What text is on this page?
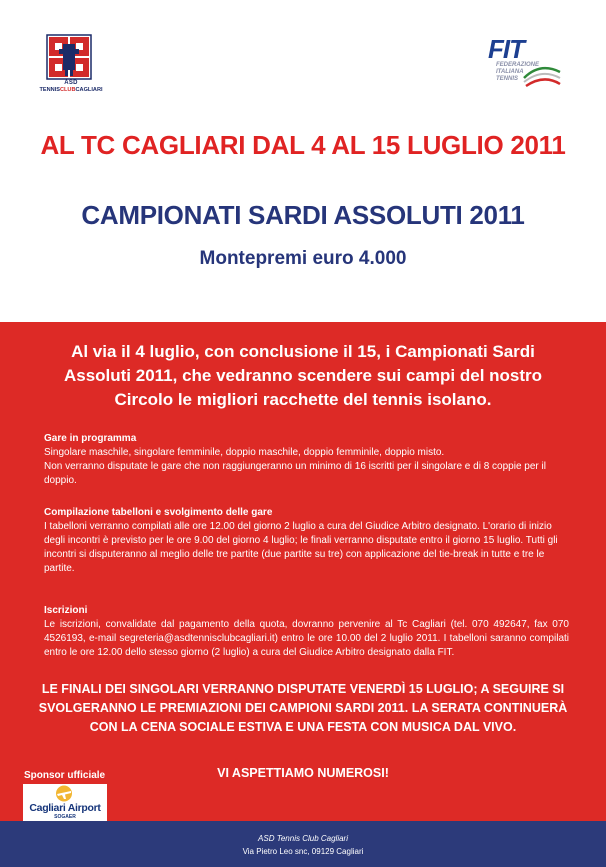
ASD
TENNISCLUBCAGLIARI
FIT
FEDERAZIONE
ITALIANA
TENNIS
AL TC CAGLIARI DAL 4 AL 15 LUGLIO 2011
CAMPIONATI SARDI ASSOLUTI 2011
Montepremi euro 4.000
Al via il 4 luglio, con conclusione il 15, i Campionati Sardi Assoluti 2011, che vedranno scendere sui campi del nostro Circolo le migliori racchette del tennis isolano.
Gare in programma

Singolare maschile, singolare femminile, doppio maschile, doppio femminile, doppio misto.

Non verranno disputate le gare che non raggiungeranno un minimo di 16 iscritti per il singolare e di 8 coppie per il doppio.

Compilazione tabelloni e svolgimento delle gare

I tabelloni verranno compilati alle ore 12.00 del giorno 2 luglio a cura del Giudice Arbitro designato. L'orario di inizio degli incontri è previsto per le ore 9.00 del giorno 4 luglio; le finali verranno disputate entro il giorno 15 luglio. Tutti gli incontri si disputeranno al meglio delle tre partite (due partite su tre) con applicazione del tie-break in tutte e tre le partite.

Iscrizioni

Le iscrizioni, convalidate dal pagamento della quota, dovranno pervenire al Tc Cagliari (tel. 070 492647, fax 070 4526193, e-mail segreteria@asdtennisclubcagliari.it) entro le ore 10.00 del 2 luglio 2011. I tabelloni saranno compilati entro le ore 12.00 dello stesso giorno (2 luglio) a cura del Giudice Arbitro designato dalla FIT.

LE FINALI DEI SINGOLARI VERRANNO DISPUTATE VENERDÌ 15 LUGLIO; A SEGUIRE SI SVOLGERANNO LE PREMIAZIONI DEI CAMPIONI SARDI 2011. LA SERATA CONTINUERÀ CON LA CENA SOCIALE ESTIVA E UNA FESTA CON MUSICA DAL VIVO.
VI ASPETTIAMO NUMEROSI!
Sponsor ufficiale
Cagliari Airport
SOGAER
ASD Tennis Club Cagliari
Via Pietro Leo snc, 09129 Cagliari
